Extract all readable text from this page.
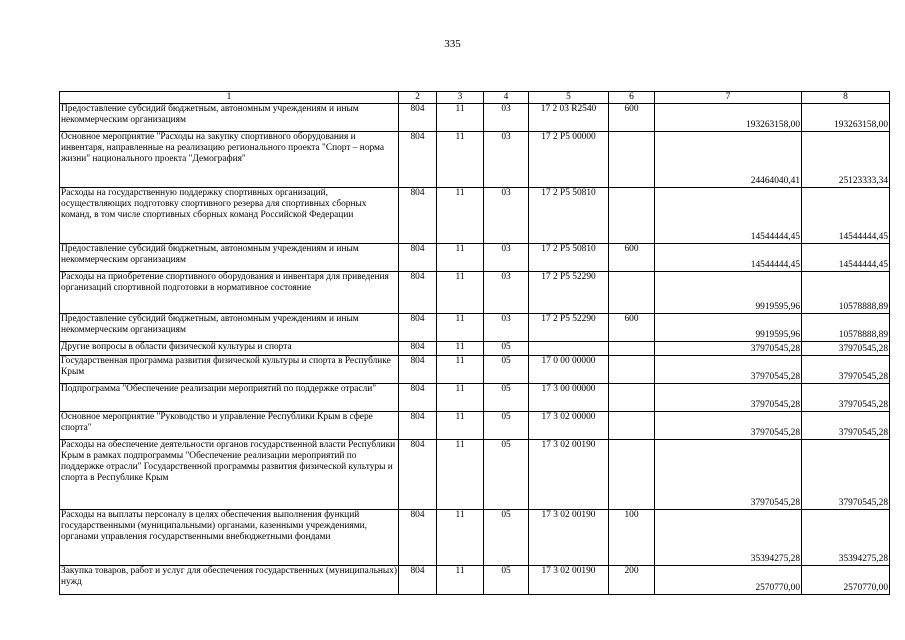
335
1	2	3	4	5	6	7	8
Предоставление субсидий бюджетным, автономным учреждениям и иным некоммерческим организациям	804	11	03	17 2 03 R2540	600	193263158,00	193263158,00
Основное мероприятие "Расходы на закупку спортивного оборудования и инвентаря, направленные на реализацию регионального проекта "Спорт – норма жизни" национального проекта "Демография"	804	11	03	17 2 P5 00000		24464040,41	25123333,34
Расходы на государственную поддержку спортивных организаций, осуществляющих подготовку спортивного резерва для спортивных сборных команд, в том числе спортивных сборных команд Российской Федерации	804	11	03	17 2 P5 50810		14544444,45	14544444,45
Предоставление субсидий бюджетным, автономным учреждениям и иным некоммерческим организациям	804	11	03	17 2 P5 50810	600	14544444,45	14544444,45
Расходы на приобретение спортивного оборудования и инвентаря для приведения организаций спортивной подготовки в нормативное состояние	804	11	03	17 2 P5 52290		9919595,96	10578888,89
Предоставление субсидий бюджетным, автономным учреждениям и иным некоммерческим организациям	804	11	03	17 2 P5 52290	600	9919595,96	10578888,89
Другие вопросы в области физической культуры и спорта	804	11	05			37970545,28	37970545,28
Государственная программа развития физической культуры и спорта в Республике Крым	804	11	05	17 0 00 00000		37970545,28	37970545,28
Подпрограмма "Обеспечение реализации мероприятий по поддержке отрасли"	804	11	05	17 3 00 00000		37970545,28	37970545,28
Основное мероприятие "Руководство и управление Республики Крым в сфере спорта"	804	11	05	17 3 02 00000		37970545,28	37970545,28
Расходы на обеспечение деятельности органов государственной власти Республики Крым в рамках подпрограммы "Обеспечение реализации мероприятий по поддержке отрасли" Государственной программы развития физической культуры и спорта в Республике Крым	804	11	05	17 3 02 00190		37970545,28	37970545,28
Расходы на выплаты персоналу в целях обеспечения выполнения функций государственными (муниципальными) органами, казенными учреждениями, органами управления государственными внебюджетными фондами	804	11	05	17 3 02 00190	100	35394275,28	35394275,28
Закупка товаров, работ и услуг для обеспечения государственных (муниципальных) нужд	804	11	05	17 3 02 00190	200	2570770,00	2570770,00
